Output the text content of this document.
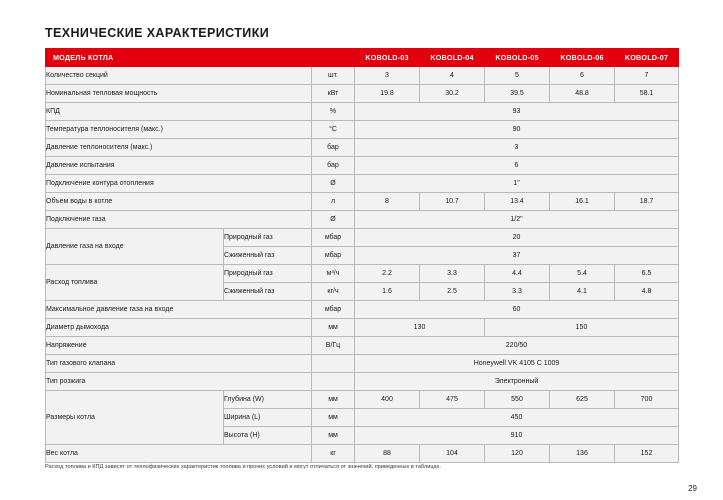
ТЕХНИЧЕСКИЕ ХАРАКТЕРИСТИКИ
МОДЕЛЬ КОТЛА			KOBOLD-03	KOBOLD-04	KOBOLD-05	KOBOLD-06	KOBOLD-07
Количество секций		шт.	3	4	5	6	7
Номинальная тепловая мощность		кВт	19.8	30.2	39.5	48.8	58.1
КПД		%	93				
Температура теплоносителя (макс.)		°C	90				
Давление теплоносителя (макс.)		бар	3				
Давление испытания		бар	6				
Подключение контура отопления		Ø	1"				
Объем воды в котле		л	8	10.7	13.4	16.1	18.7
Подключение газа		Ø	1/2"				
Давление газа на входе	Природный газ	мбар	20				
	Сжиженный газ	мбар	37				
Расход топлива	Природный газ	м³/ч	2.2	3.3	4.4	5.4	6.5
	Сжиженный газ	кг/ч	1.6	2.5	3.3	4.1	4.8
Максимальное давление газа на входе		мбар	60				
Диаметр дымохода		мм	130		150		
Напряжение		В/Гц	220/50				
Тип газового клапана			Honeywell VK 4105 C 1009				
Тип розжига			Электронный				
Размеры котла	Глубина (W)	мм	400	475	550	625	700
	Ширина (L)	мм	450				
	Высота (H)	мм	910				
Вес котла		кг	88	104	120	136	152
Расход топлива и КПД зависят от теплофизических характеристик топлива и прочих условий и могут отличаться от значений, приведенных в таблицах.
29
